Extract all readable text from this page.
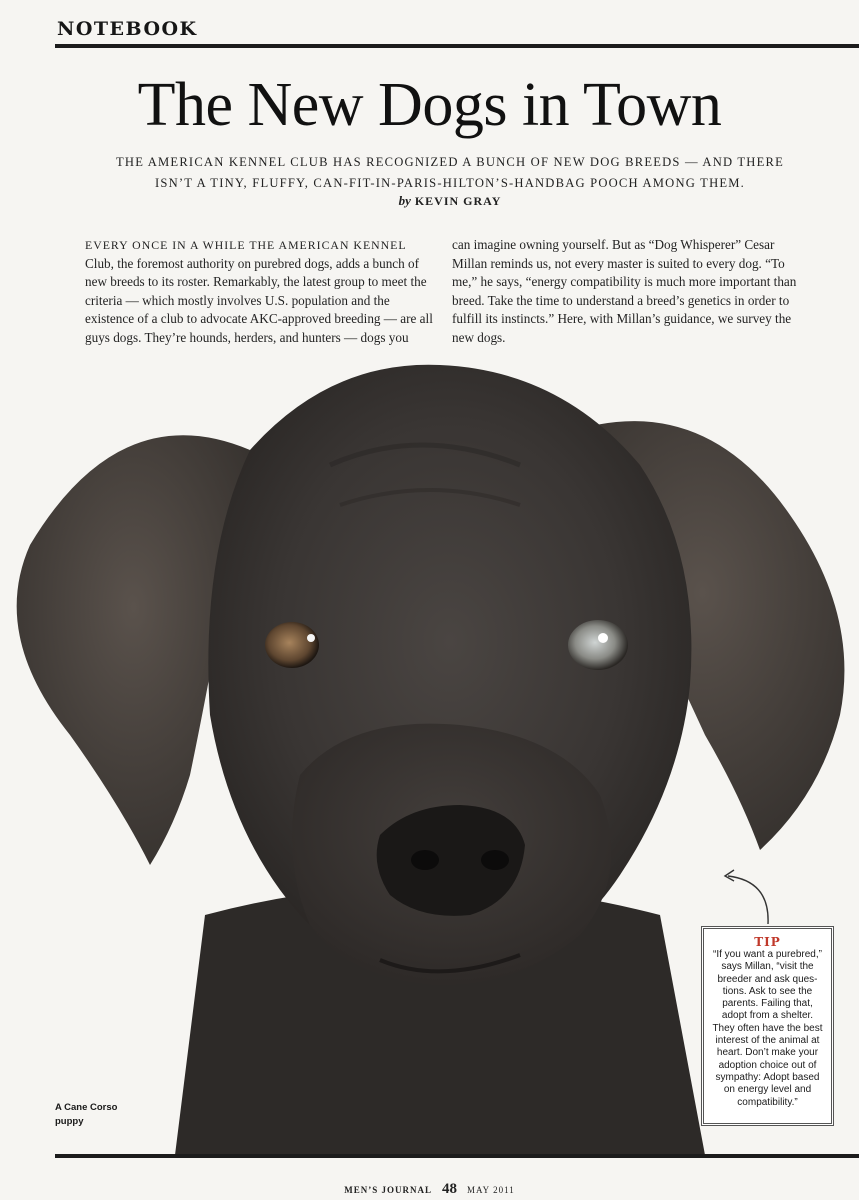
NOTEBOOK
The New Dogs in Town
THE AMERICAN KENNEL CLUB HAS RECOGNIZED A BUNCH OF NEW DOG BREEDS — AND THERE
ISN’T A TINY, FLUFFY, CAN-FIT-IN-PARIS-HILTON’S-HANDBAG POOCH AMONG THEM.
by KEVIN GRAY
EVERY ONCE IN A WHILE THE AMERICAN KENNEL Club, the foremost authority on purebred dogs, adds a bunch of new breeds to its roster. Remarkably, the latest group to meet the criteria — which mostly involves U.S. population and the existence of a club to advocate AKC-approved breeding — are all guys dogs. They’re hounds, herders, and hunters — dogs you
can imagine owning yourself. But as “Dog Whisperer” Cesar Millan reminds us, not every master is suited to every dog. “To me,” he says, “energy compatibility is much more important than breed. Take the time to understand a breed’s genetics in order to fulfill its instincts.” Here, with Millan’s guidance, we survey the new dogs.
A Cane Corso
puppy
TIP
“If you want a purebred,” says Millan, “visit the breeder and ask ques-tions. Ask to see the parents. Failing that, adopt from a shelter. They often have the best interest of the animal at heart. Don’t make your adoption choice out of sympathy: Adopt based on energy level and compatibility.”
MEN’S JOURNAL 48 MAY 2011
